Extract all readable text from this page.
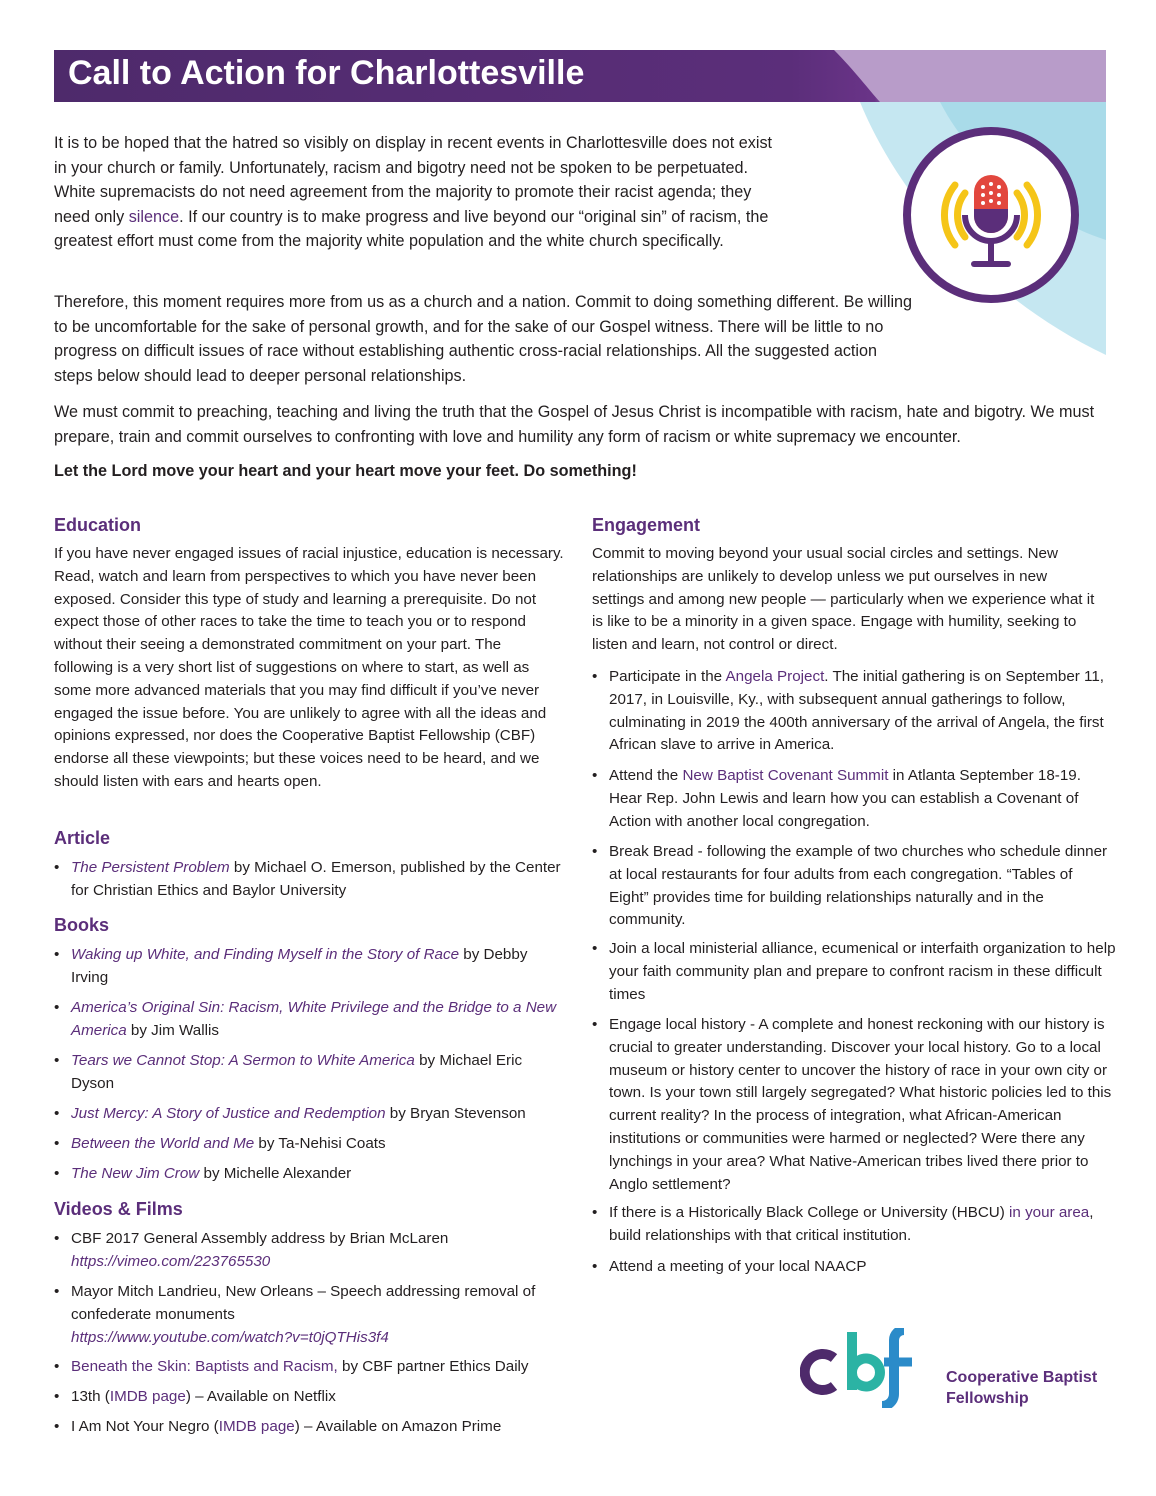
Call to Action for Charlottesville

It is to be hoped that the hatred so visibly on display in recent events in Charlottesville does not exist in your church or family. Unfortunately, racism and bigotry need not be spoken to be perpetuated. White supremacists do not need agreement from the majority to promote their racist agenda; they need only silence. If our country is to make progress and live beyond our “original sin” of racism, the greatest effort must come from the majority white population and the white church specifically.

Therefore, this moment requires more from us as a church and a nation. Commit to doing something different. Be willing to be uncomfortable for the sake of personal growth, and for the sake of our Gospel witness. There will be little to no progress on difficult issues of race without establishing authentic cross-racial relationships. All the suggested action steps below should lead to deeper personal relationships.

We must commit to preaching, teaching and living the truth that the Gospel of Jesus Christ is incompatible with racism, hate and bigotry. We must prepare, train and commit ourselves to confronting with love and humility any form of racism or white supremacy we encounter.

Let the Lord move your heart and your heart move your feet. Do something!

Education

If you have never engaged issues of racial injustice, education is necessary. Read, watch and learn from perspectives to which you have never been exposed. Consider this type of study and learning a prerequisite. Do not expect those of other races to take the time to teach you or to respond without their seeing a demonstrated commitment on your part. The following is a very short list of suggestions on where to start, as well as some more advanced materials that you may find difficult if you’ve never engaged the issue before. You are unlikely to agree with all the ideas and opinions expressed, nor does the Cooperative Baptist Fellowship (CBF) endorse all these viewpoints; but these voices need to be heard, and we should listen with ears and hearts open.

Article

• The Persistent Problem by Michael O. Emerson, published by the Center for Christian Ethics and Baylor University

Books

• Waking up White, and Finding Myself in the Story of Race by Debby Irving

• America’s Original Sin: Racism, White Privilege and the Bridge to a New America by Jim Wallis

• Tears we Cannot Stop: A Sermon to White America by Michael Eric Dyson

• Just Mercy: A Story of Justice and Redemption by Bryan Stevenson

• Between the World and Me by Ta-Nehisi Coats

• The New Jim Crow by Michelle Alexander

Videos & Films

• CBF 2017 General Assembly address by Brian McLaren
https://vimeo.com/223765530

• Mayor Mitch Landrieu, New Orleans – Speech addressing removal of confederate monuments
https://www.youtube.com/watch?v=t0jQTHis3f4

• Beneath the Skin: Baptists and Racism, by CBF partner Ethics Daily

• 13th (IMDB page) – Available on Netflix

• I Am Not Your Negro (IMDB page) – Available on Amazon Prime

Engagement

Commit to moving beyond your usual social circles and settings. New relationships are unlikely to develop unless we put ourselves in new settings and among new people — particularly when we experience what it is like to be a minority in a given space. Engage with humility, seeking to listen and learn, not control or direct.

• Participate in the Angela Project. The initial gathering is on September 11, 2017, in Louisville, Ky., with subsequent annual gatherings to follow, culminating in 2019 the 400th anniversary of the arrival of Angela, the first African slave to arrive in America.

• Attend the New Baptist Covenant Summit in Atlanta September 18-19. Hear Rep. John Lewis and learn how you can establish a Covenant of Action with another local congregation.

• Break Bread - following the example of two churches who schedule dinner at local restaurants for four adults from each congregation. “Tables of Eight” provides time for building relationships naturally and in the community.

• Join a local ministerial alliance, ecumenical or interfaith organization to help your faith community plan and prepare to confront racism in these difficult times

• Engage local history - A complete and honest reckoning with our history is crucial to greater understanding. Discover your local history. Go to a local museum or history center to uncover the history of race in your own city or town. Is your town still largely segregated? What historic policies led to this current reality? In the process of integration, what African-American institutions or communities were harmed or neglected? Were there any lynchings in your area? What Native-American tribes lived there prior to Anglo settlement?

• If there is a Historically Black College or University (HBCU) in your area, build relationships with that critical institution.

• Attend a meeting of your local NAACP

Cooperative Baptist
Fellowship
